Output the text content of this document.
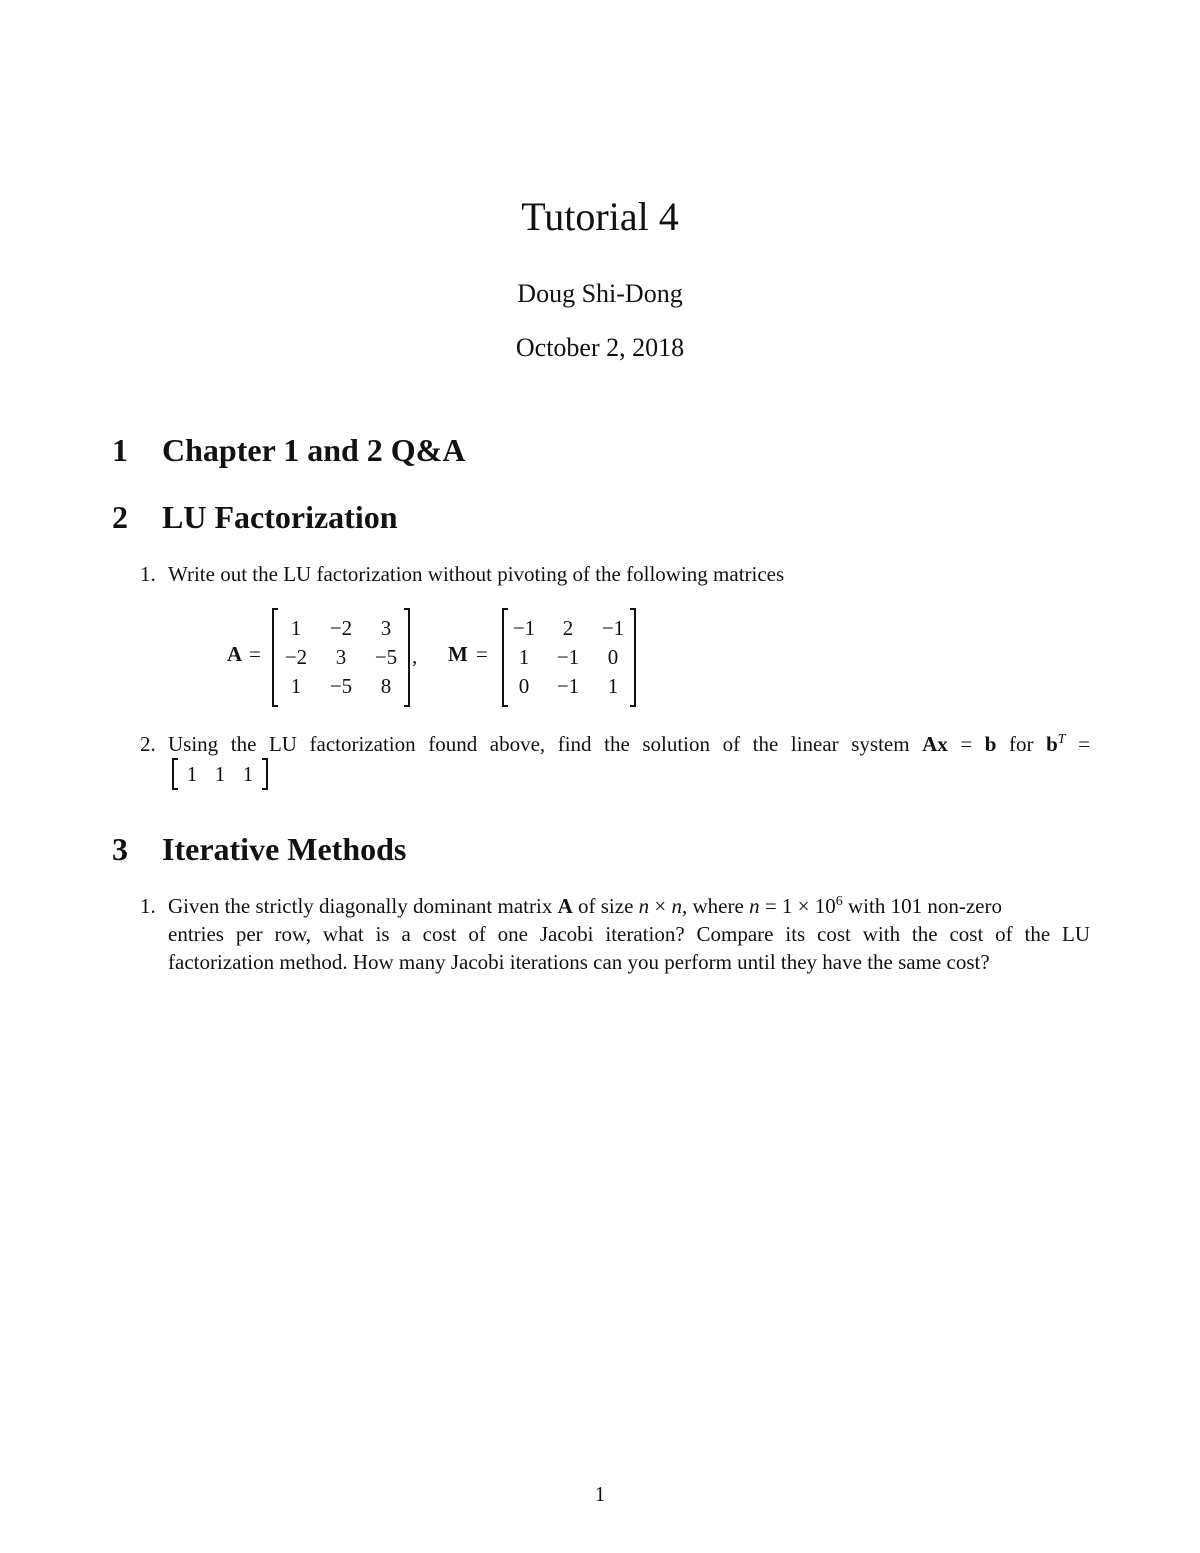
Tutorial 4
Doug Shi-Dong
October 2, 2018
1 Chapter 1 and 2 Q&A
2 LU Factorization
1. Write out the LU factorization without pivoting of the following matrices
A =
1	−2	3
−2	3	−5
1	−5	8
, M =
−1	2	−1
1	−1	0
0	−1	1
2. Using the LU factorization found above, find the solution of the linear system Ax = b for $b^T$ =
1 1 1
3 Iterative Methods
1. Given the strictly diagonally dominant matrix A of size n × n, where $n = 1 \times 10^6$ with 101 non-zero
entries per row, what is a cost of one Jacobi iteration? Compare its cost with the cost of the LU
factorization method. How many Jacobi iterations can you perform until they have the same cost?
1
